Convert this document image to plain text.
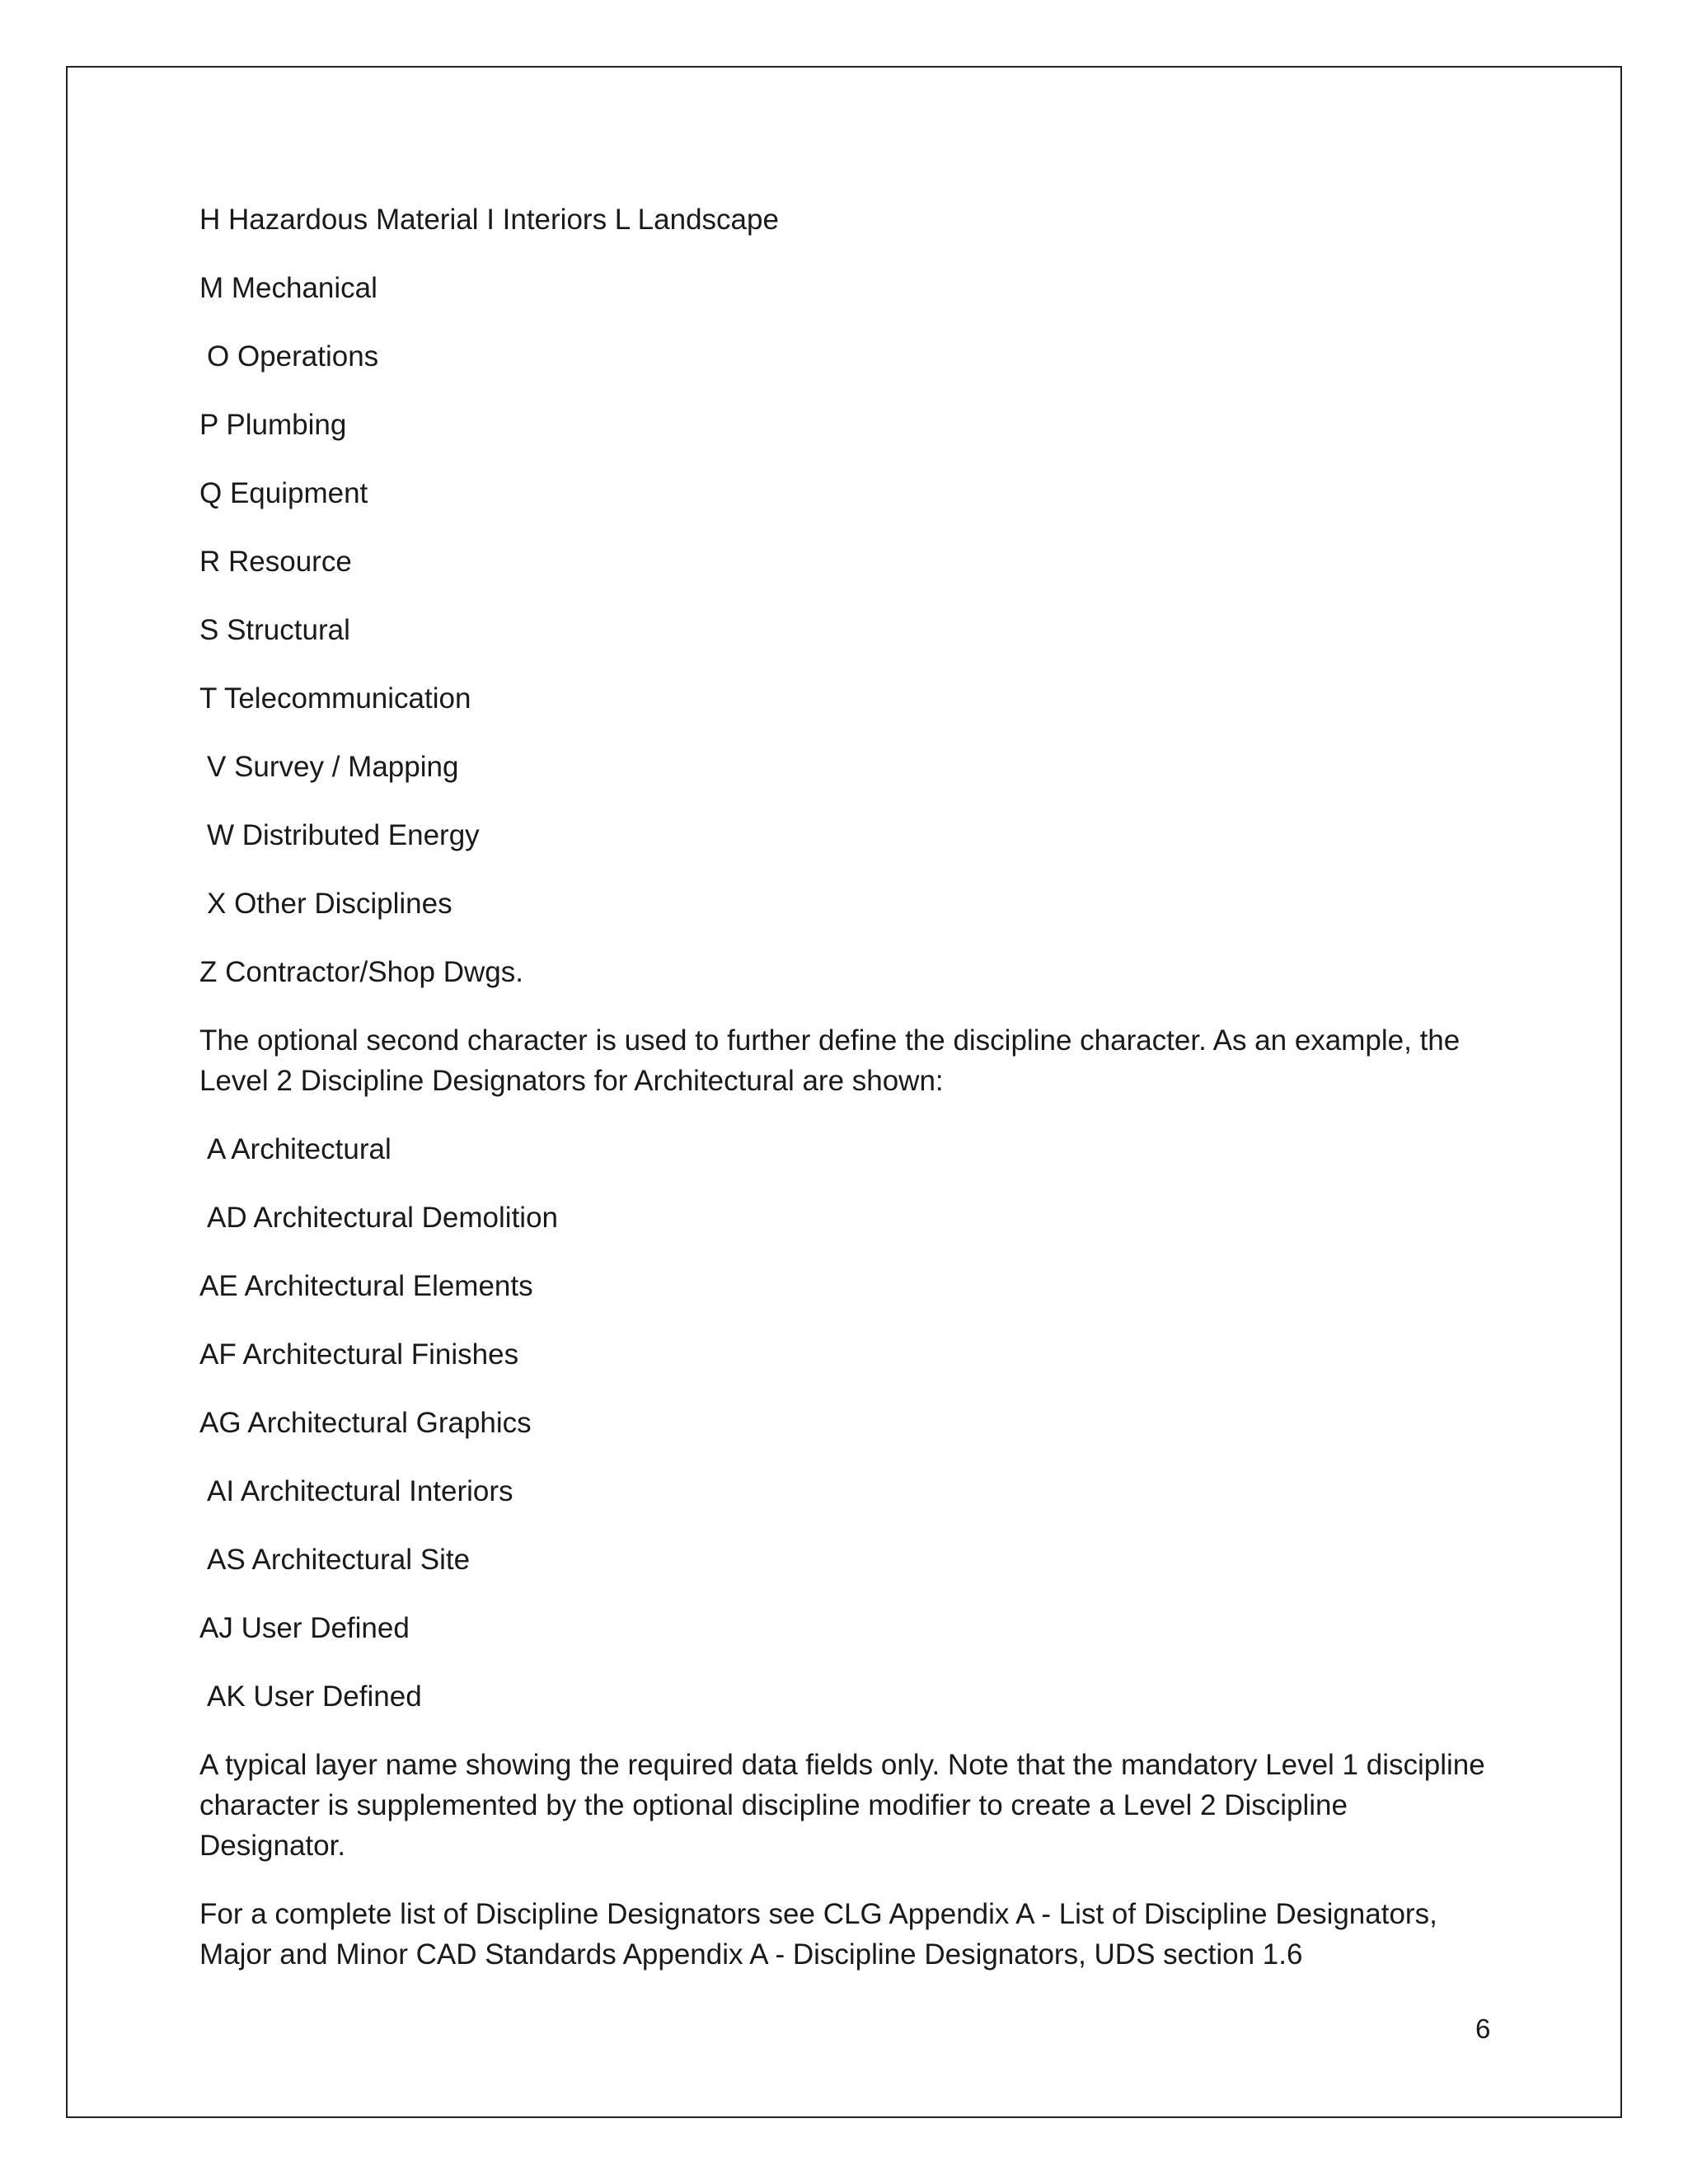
H Hazardous Material I Interiors L Landscape
M Mechanical
O Operations
P Plumbing
Q Equipment
R Resource
S Structural
T Telecommunication
V Survey / Mapping
W Distributed Energy
X Other Disciplines
Z Contractor/Shop Dwgs.
The optional second character is used to further define the discipline character. As an example, the Level 2 Discipline Designators for Architectural are shown:
A Architectural
AD Architectural Demolition
AE Architectural Elements
AF Architectural Finishes
AG Architectural Graphics
AI Architectural Interiors
AS Architectural Site
AJ User Defined
AK User Defined
A typical layer name showing the required data fields only. Note that the mandatory Level 1 discipline character is supplemented by the optional discipline modifier to create a Level 2 Discipline Designator.
For a complete list of Discipline Designators see CLG Appendix A - List of Discipline Designators, Major and Minor CAD Standards Appendix A - Discipline Designators, UDS section 1.6
6
